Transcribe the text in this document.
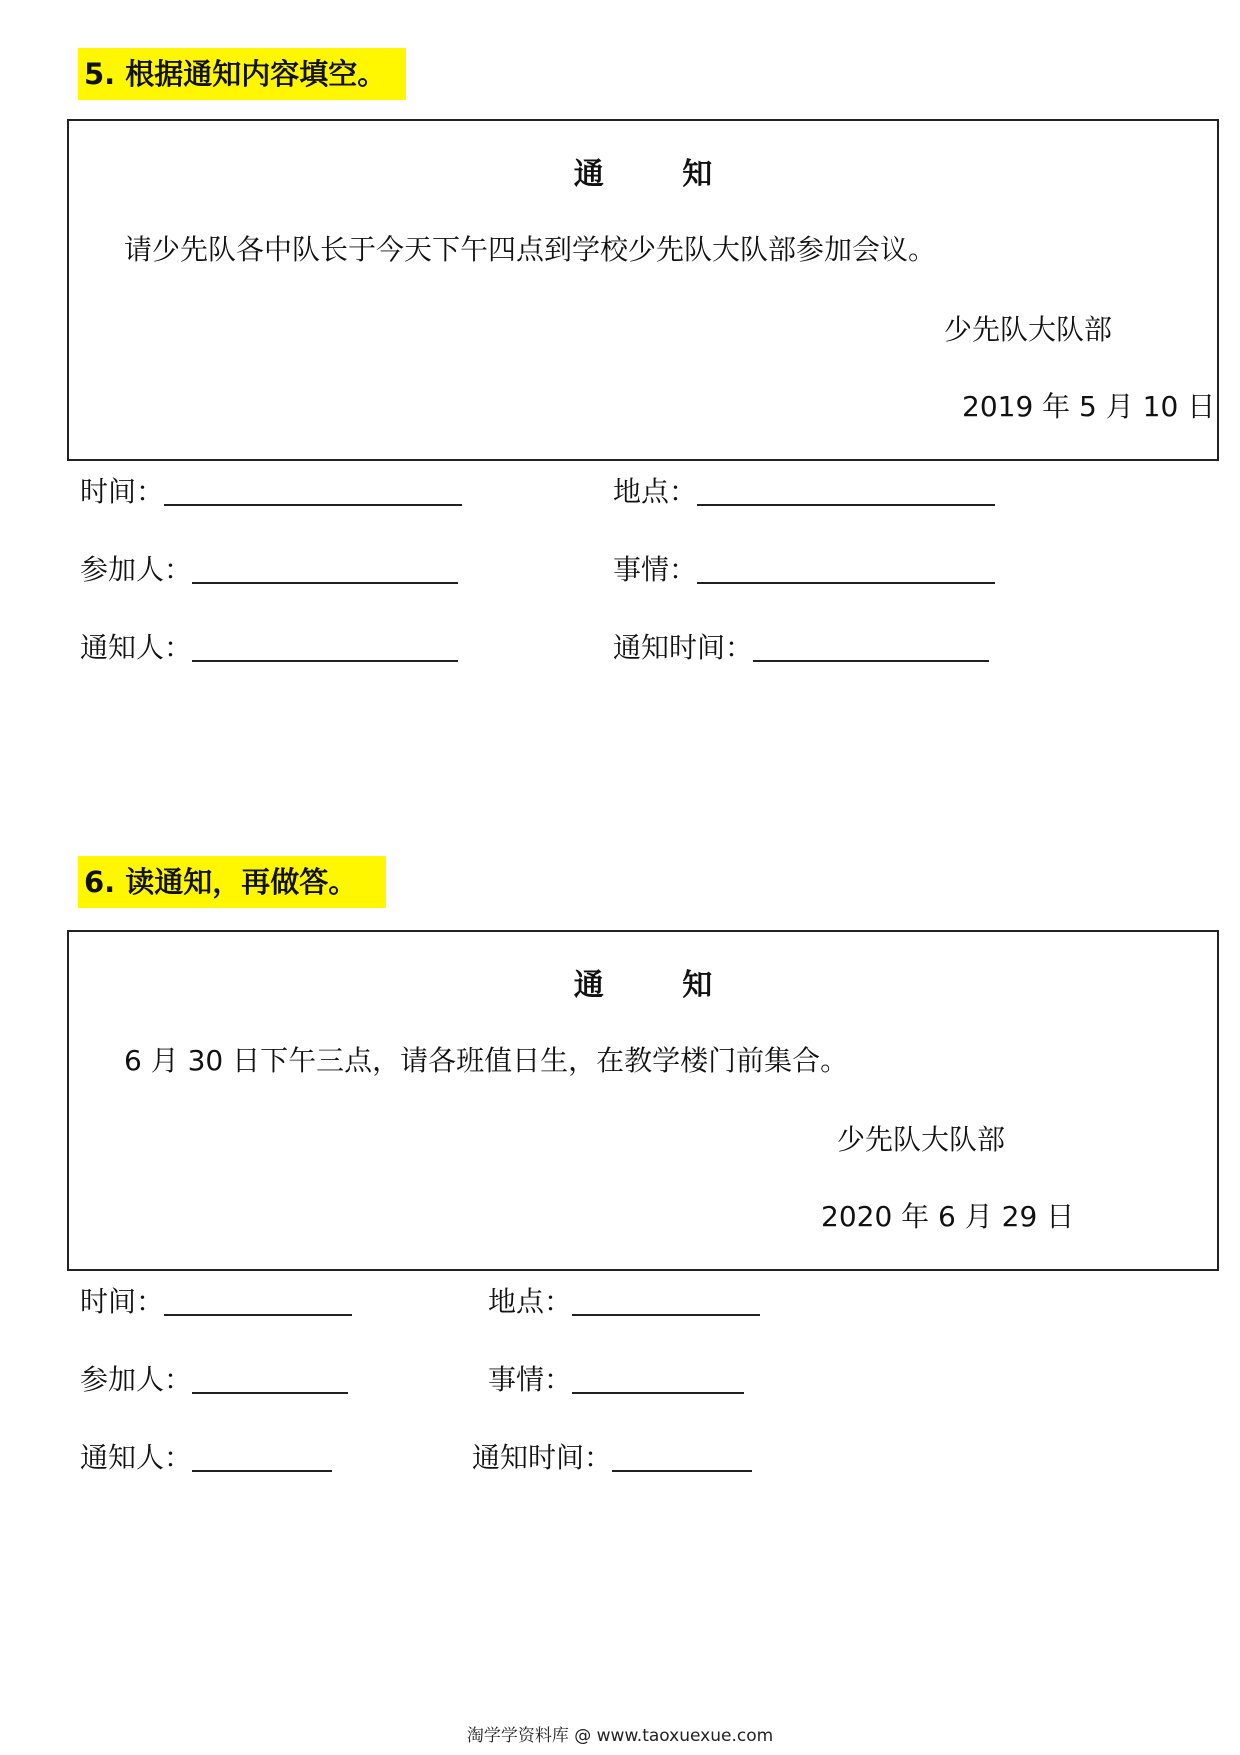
5. 根据通知内容填空。
通 知
请少先队各中队长于今天下午四点到学校少先队大队部参加会议。
少先队大队部
2019 年 5 月 10 日
时间：	地点：
参加人：	事情：
通知人：	通知时间：
6. 读通知，再做答。
通 知
6 月 30 日下午三点，请各班值日生，在教学楼门前集合。
少先队大队部
2020 年 6 月 29 日
时间：	地点：
参加人：	事情：
通知人：	通知时间：
淘学学资料库 @ www.taoxuexue.com
